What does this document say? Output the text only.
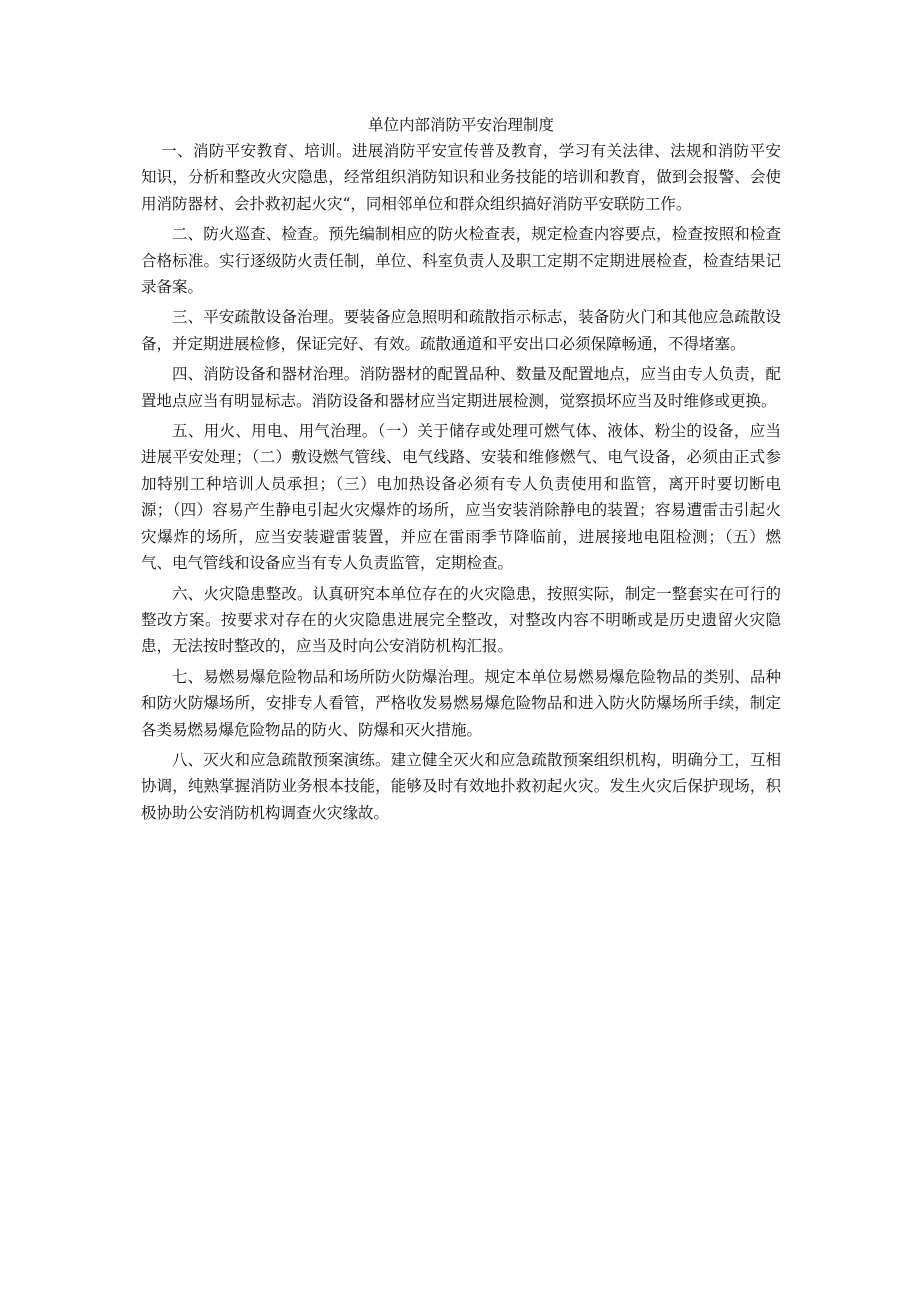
单位内部消防平安治理制度

一、消防平安教育、培训。进展消防平安宣传普及教育，学习有关法律、法规和消防平安知识，分析和整改火灾隐患，经常组织消防知识和业务技能的培训和教育，做到会报警、会使用消防器材、会扑救初起火灾“，同相邻单位和群众组织搞好消防平安联防工作。

二、防火巡查、检查。预先编制相应的防火检查表，规定检查内容要点，检查按照和检查合格标准。实行逐级防火责任制，单位、科室负责人及职工定期不定期进展检查，检查结果记录备案。

三、平安疏散设备治理。要装备应急照明和疏散指示标志，装备防火门和其他应急疏散设备，并定期进展检修，保证完好、有效。疏散通道和平安出口必须保障畅通，不得堵塞。

四、消防设备和器材治理。消防器材的配置品种、数量及配置地点，应当由专人负责，配置地点应当有明显标志。消防设备和器材应当定期进展检测，觉察损坏应当及时维修或更换。

五、用火、用电、用气治理。（一）关于储存或处理可燃气体、液体、粉尘的设备，应当进展平安处理；（二）敷设燃气管线、电气线路、安装和维修燃气、电气设备，必须由正式参加特别工种培训人员承担；（三）电加热设备必须有专人负责使用和监管，离开时要切断电源；（四）容易产生静电引起火灾爆炸的场所，应当安装消除静电的装置；容易遭雷击引起火灾爆炸的场所，应当安装避雷装置，并应在雷雨季节降临前，进展接地电阻检测；（五）燃气、电气管线和设备应当有专人负责监管，定期检查。

六、火灾隐患整改。认真研究本单位存在的火灾隐患，按照实际，制定一整套实在可行的整改方案。按要求对存在的火灾隐患进展完全整改，对整改内容不明晰或是历史遗留火灾隐患，无法按时整改的，应当及时向公安消防机构汇报。

七、易燃易爆危险物品和场所防火防爆治理。规定本单位易燃易爆危险物品的类别、品种和防火防爆场所，安排专人看管，严格收发易燃易爆危险物品和进入防火防爆场所手续，制定各类易燃易爆危险物品的防火、防爆和灭火措施。

八、灭火和应急疏散预案演练。建立健全灭火和应急疏散预案组织机构，明确分工，互相协调，纯熟掌握消防业务根本技能，能够及时有效地扑救初起火灾。发生火灾后保护现场，积极协助公安消防机构调查火灾缘故。
